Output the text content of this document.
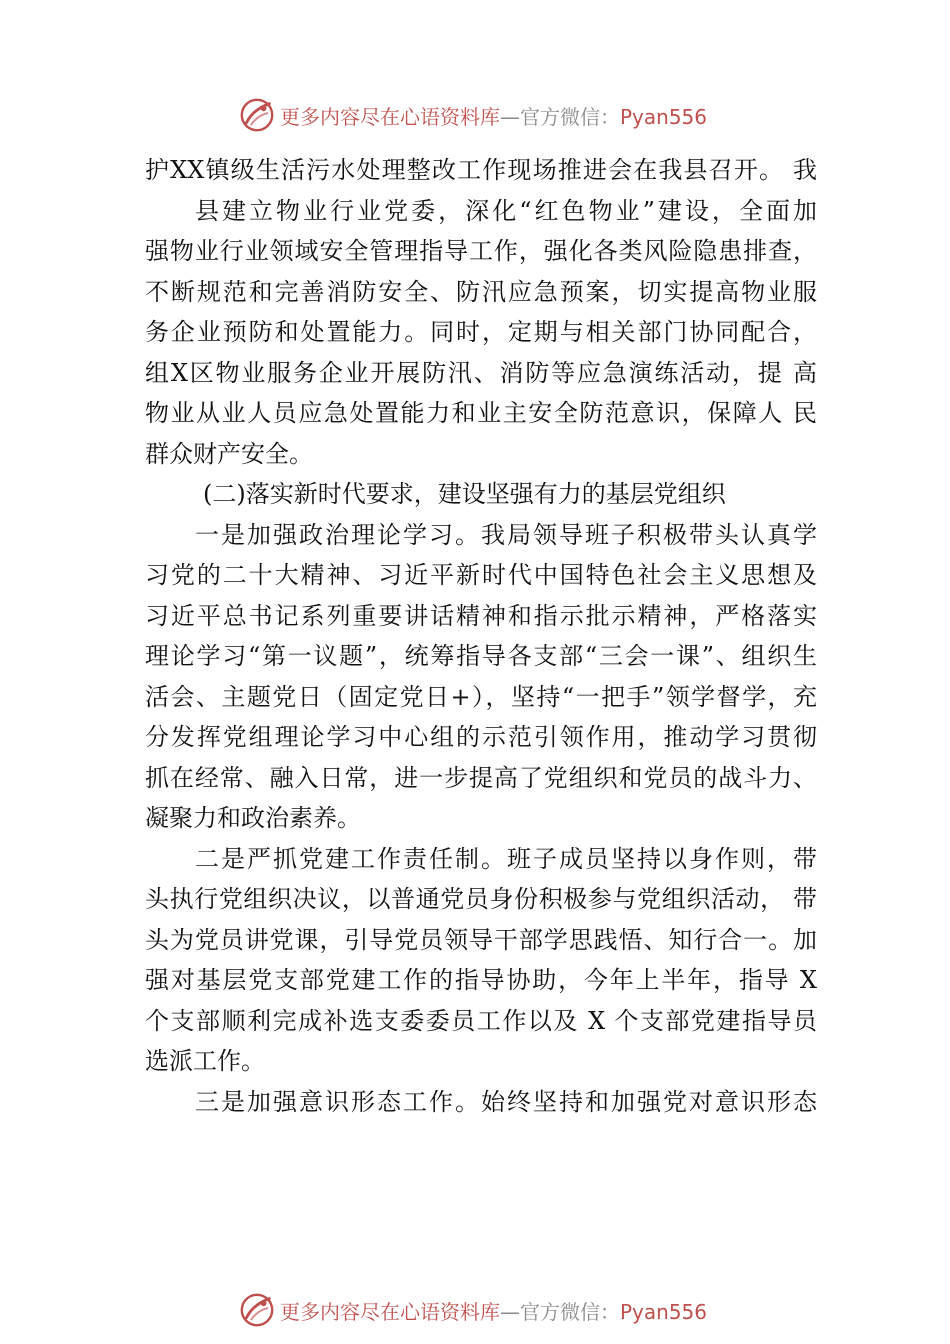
更多内容尽在心语资料库—官方微信：Pyan556
护XX镇级生活污水处理整改工作现场推进会在我县召开。 我
县建立物业行业党委，深化“红色物业”建设，全面加
强物业行业领域安全管理指导工作，强化各类风险隐患排查，
不断规范和完善消防安全、防汛应急预案，切实提高物业服
务企业预防和处置能力。同时，定期与相关部门协同配合，
组X区物业服务企业开展防汛、消防等应急演练活动，提 高
物业从业人员应急处置能力和业主安全防范意识，保障人 民
群众财产安全。
(二)落实新时代要求，建设坚强有力的基层党组织
一是加强政治理论学习。我局领导班子积极带头认真学
习党的二十大精神、习近平新时代中国特色社会主义思想及
习近平总书记系列重要讲话精神和指示批示精神，严格落实
理论学习“第一议题”，统筹指导各支部“三会一课”、组织生
活会、主题党日（固定党日+），坚持“一把手”领学督学，充
分发挥党组理论学习中心组的示范引领作用，推动学习贯彻
抓在经常、融入日常，进一步提高了党组织和党员的战斗力、
凝聚力和政治素养。
二是严抓党建工作责任制。班子成员坚持以身作则，带
头执行党组织决议，以普通党员身份积极参与党组织活动， 带
头为党员讲党课，引导党员领导干部学思践悟、知行合一。加
强对基层党支部党建工作的指导协助，今年上半年，指导 X
个支部顺利完成补选支委委员工作以及 X 个支部党建指导员
选派工作。
三是加强意识形态工作。始终坚持和加强党对意识形态
更多内容尽在心语资料库—官方微信：Pyan556
